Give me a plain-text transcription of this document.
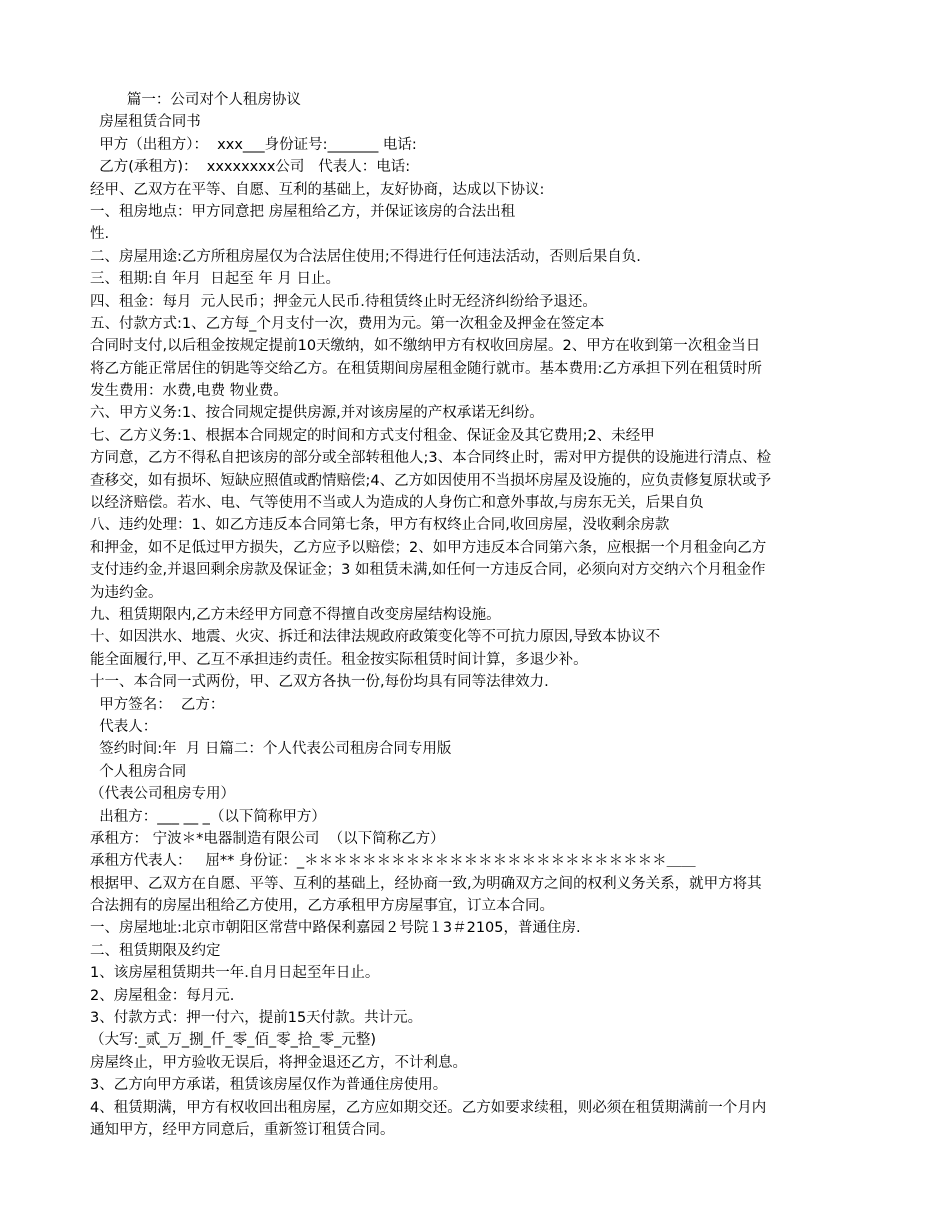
篇一：公司对个人租房协议
房屋租赁合同书
甲方（出租方）：  xxx___身份证号:_______ 电话:
乙方(承租方)：  xxxxxxxx公司   代表人：电话:
经甲、乙双方在平等、自愿、互利的基础上，友好协商，达成以下协议:
一、租房地点：甲方同意把 房屋租给乙方，并保证该房的合法出租
性.
二、房屋用途:乙方所租房屋仅为合法居住使用;不得进行任何违法活动，否则后果自负.
三、租期:自 年月  日起至 年 月 日止。
四、租金：每月  元人民币；押金元人民币.待租赁终止时无经济纠纷给予退还。
五、付款方式:1、乙方每_个月支付一次，费用为元。第一次租金及押金在签定本
合同时支付,以后租金按规定提前10天缴纳，如不缴纳甲方有权收回房屋。2、甲方在收到第一次租金当日
将乙方能正常居住的钥匙等交给乙方。在租赁期间房屋租金随行就市。基本费用:乙方承担下列在租赁时所
发生费用：水费,电费 物业费。
六、甲方义务:1、按合同规定提供房源,并对该房屋的产权承诺无纠纷。
七、乙方义务:1、根据本合同规定的时间和方式支付租金、保证金及其它费用;2、未经甲
方同意，乙方不得私自把该房的部分或全部转租他人;3、本合同终止时，需对甲方提供的设施进行清点、检
查移交，如有损坏、短缺应照值或酌情赔偿;4、乙方如因使用不当损坏房屋及设施的，应负责修复原状或予
以经济赔偿。若水、电、气等使用不当或人为造成的人身伤亡和意外事故,与房东无关，后果自负
八、违约处理：1、如乙方违反本合同第七条，甲方有权终止合同,收回房屋，没收剩余房款
和押金，如不足低过甲方损失，乙方应予以赔偿；2、如甲方违反本合同第六条，应根据一个月租金向乙方
支付违约金,并退回剩余房款及保证金；3 如租赁未满,如任何一方违反合同，必须向对方交纳六个月租金作
为违约金。
九、租赁期限内,乙方未经甲方同意不得擅自改变房屋结构设施。
十、如因洪水、地震、火灾、拆迁和法律法规政府政策变化等不可抗力原因,导致本协议不
能全面履行,甲、乙互不承担违约责任。租金按实际租赁时间计算，多退少补。
十一、本合同一式两份，甲、乙双方各执一份,每份均具有同等法律效力.
甲方签名：  乙方：
代表人：
签约时间:年  月 日篇二：个人代表公司租房合同专用版
个人租房合同
（代表公司租房专用）
出租方：___ __ _（以下简称甲方）
承租方： 宁波＊*电器制造有限公司  （以下简称乙方）
承租方代表人：   屈** 身份证：_＊＊＊＊＊＊＊＊＊＊＊＊＊＊＊＊＊＊＊＊＊＊＊＊＊＿＿
根据甲、乙双方在自愿、平等、互利的基础上，经协商一致,为明确双方之间的权利义务关系，就甲方将其
合法拥有的房屋出租给乙方使用，乙方承租甲方房屋事宜，订立本合同。
一、房屋地址:北京市朝阳区常营中路保利嘉园２号院１3＃2105，普通住房.
二、租赁期限及约定
1、该房屋租赁期共一年.自月日起至年日止。
2、房屋租金：每月元.
3、付款方式：押一付六，提前15天付款。共计元。
（大写:_贰_万_捌_仟_零_佰_零_拾_零_元整)
房屋终止，甲方验收无误后，将押金退还乙方，不计利息。
3、乙方向甲方承诺，租赁该房屋仅作为普通住房使用。
4、租赁期满，甲方有权收回出租房屋，乙方应如期交还。乙方如要求续租，则必须在租赁期满前一个月内
通知甲方，经甲方同意后，重新签订租赁合同。
